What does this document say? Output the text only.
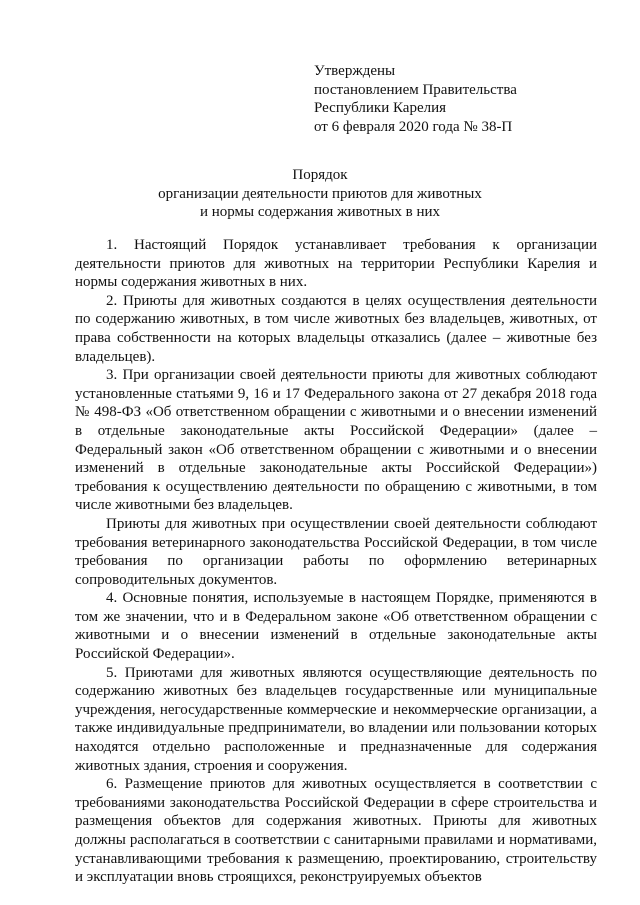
Утверждены
постановлением Правительства
Республики Карелия
от 6 февраля 2020 года № 38-П
Порядок
организации деятельности приютов для животных
и нормы содержания животных в них

1. Настоящий Порядок устанавливает требования к организации деятельности приютов для животных на территории Республики Карелия и нормы содержания животных в них.

2. Приюты для животных создаются в целях осуществления деятельности по содержанию животных, в том числе животных без владельцев, животных, от права собственности на которых владельцы отказались (далее – животные без владельцев).

3. При организации своей деятельности приюты для животных соблюдают установленные статьями 9, 16 и 17 Федерального закона от 27 декабря 2018 года № 498-ФЗ «Об ответственном обращении с животными и о внесении изменений в отдельные законодательные акты Российской Федерации» (далее – Федеральный закон «Об ответственном обращении с животными и о внесении изменений в отдельные законодательные акты Российской Федерации») требования к осуществлению деятельности по обращению с животными, в том числе животными без владельцев.

Приюты для животных при осуществлении своей деятельности соблюдают требования ветеринарного законодательства Российской Федерации, в том числе требования по организации работы по оформлению ветеринарных сопроводительных документов.

4. Основные понятия, используемые в настоящем Порядке, применяются в том же значении, что и в Федеральном законе «Об ответственном обращении с животными и о внесении изменений в отдельные законодательные акты Российской Федерации».

5. Приютами для животных являются осуществляющие деятельность по содержанию животных без владельцев государственные или муниципальные учреждения, негосударственные коммерческие и некоммерческие организации, а также индивидуальные предприниматели, во владении или пользовании которых находятся отдельно расположенные и предназначенные для содержания животных здания, строения и сооружения.

6. Размещение приютов для животных осуществляется в соответствии с требованиями законодательства Российской Федерации в сфере строительства и размещения объектов для содержания животных. Приюты для животных должны располагаться в соответствии с санитарными правилами и нормативами, устанавливающими требования к размещению, проектированию, строительству и эксплуатации вновь строящихся, реконструируемых объектов
